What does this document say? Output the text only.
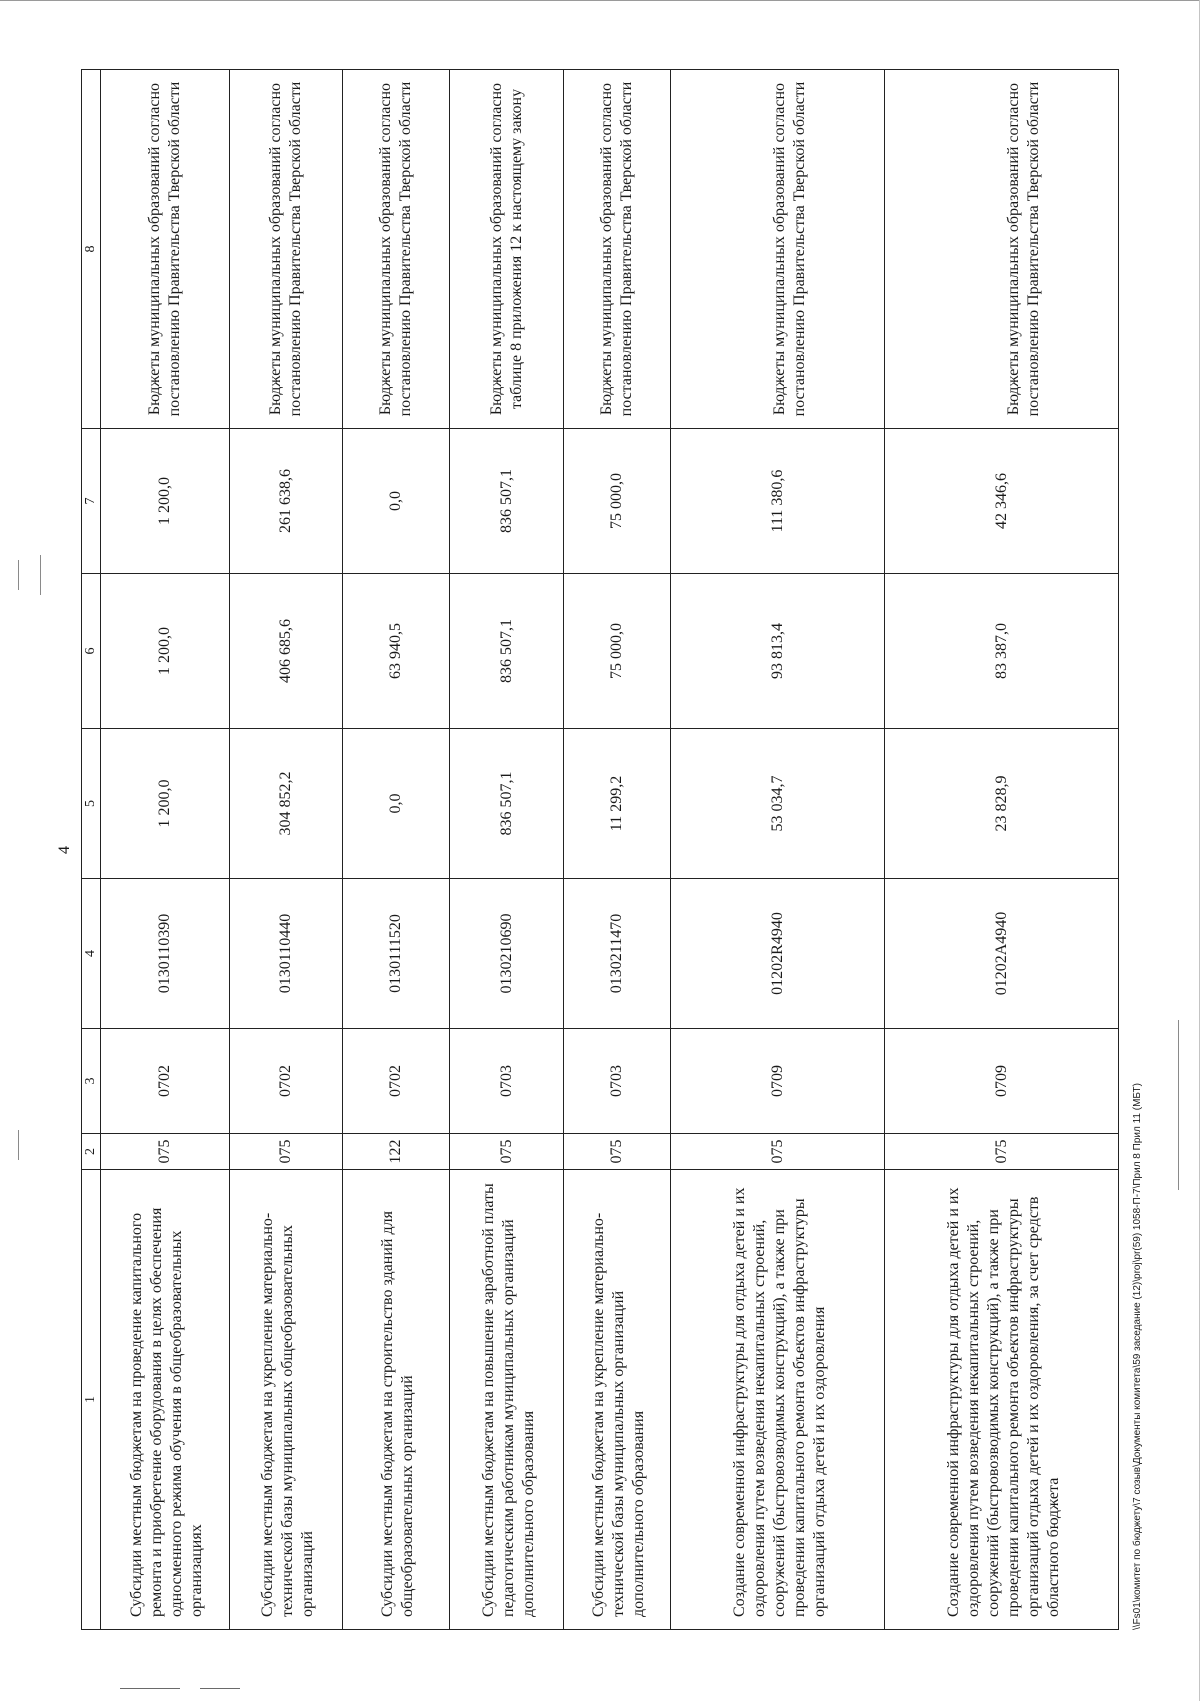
4
1	2	3	4	5	6	7	8
Субсидии местным бюджетам на проведение капитального ремонта и приобретение оборудования в целях обеспечения односменного режима обучения в общеобразовательных организациях	075	0702	0130110390	1 200,0	1 200,0	1 200,0	Бюджеты муниципальных образований согласно постановлению Правительства Тверской области
Субсидии местным бюджетам на укрепление материально-технической базы муниципальных общеобразовательных организаций	075	0702	0130110440	304 852,2	406 685,6	261 638,6	Бюджеты муниципальных образований согласно постановлению Правительства Тверской области
Субсидии местным бюджетам на строительство зданий для общеобразовательных организаций	122	0702	0130111520	0,0	63 940,5	0,0	Бюджеты муниципальных образований согласно постановлению Правительства Тверской области
Субсидии местным бюджетам на повышение заработной платы педагогическим работникам муниципальных организаций дополнительного образования	075	0703	0130210690	836 507,1	836 507,1	836 507,1	Бюджеты муниципальных образований согласно таблице 8 приложения 12 к настоящему закону
Субсидии местным бюджетам на укрепление материально-технической базы муниципальных организаций дополнительного образования	075	0703	0130211470	11 299,2	75 000,0	75 000,0	Бюджеты муниципальных образований согласно постановлению Правительства Тверской области
Создание современной инфраструктуры для отдыха детей и их оздоровления путем возведения некапитальных строений, сооружений (быстровозводимых конструкций), а также при проведении капитального ремонта объектов инфраструктуры организаций отдыха детей и их оздоровления	075	0709	01202R4940	53 034,7	93 813,4	111 380,6	Бюджеты муниципальных образований согласно постановлению Правительства Тверской области
Создание современной инфраструктуры для отдыха детей и их оздоровления путем возведения некапитальных строений, сооружений (быстровозводимых конструкций), а также при проведении капитального ремонта объектов инфраструктуры организаций отдыха детей и их оздоровления, за счет средств областного бюджета	075	0709	01202A4940	23 828,9	83 387,0	42 346,6	Бюджеты муниципальных образований согласно постановлению Правительства Тверской области
\\Fs01\комитет по бюджету\7 созыв\Документы комитета\59 заседание (12)\proj\pr(59) 1058-П-7\Прил 8 Прил 11 (МБТ)
